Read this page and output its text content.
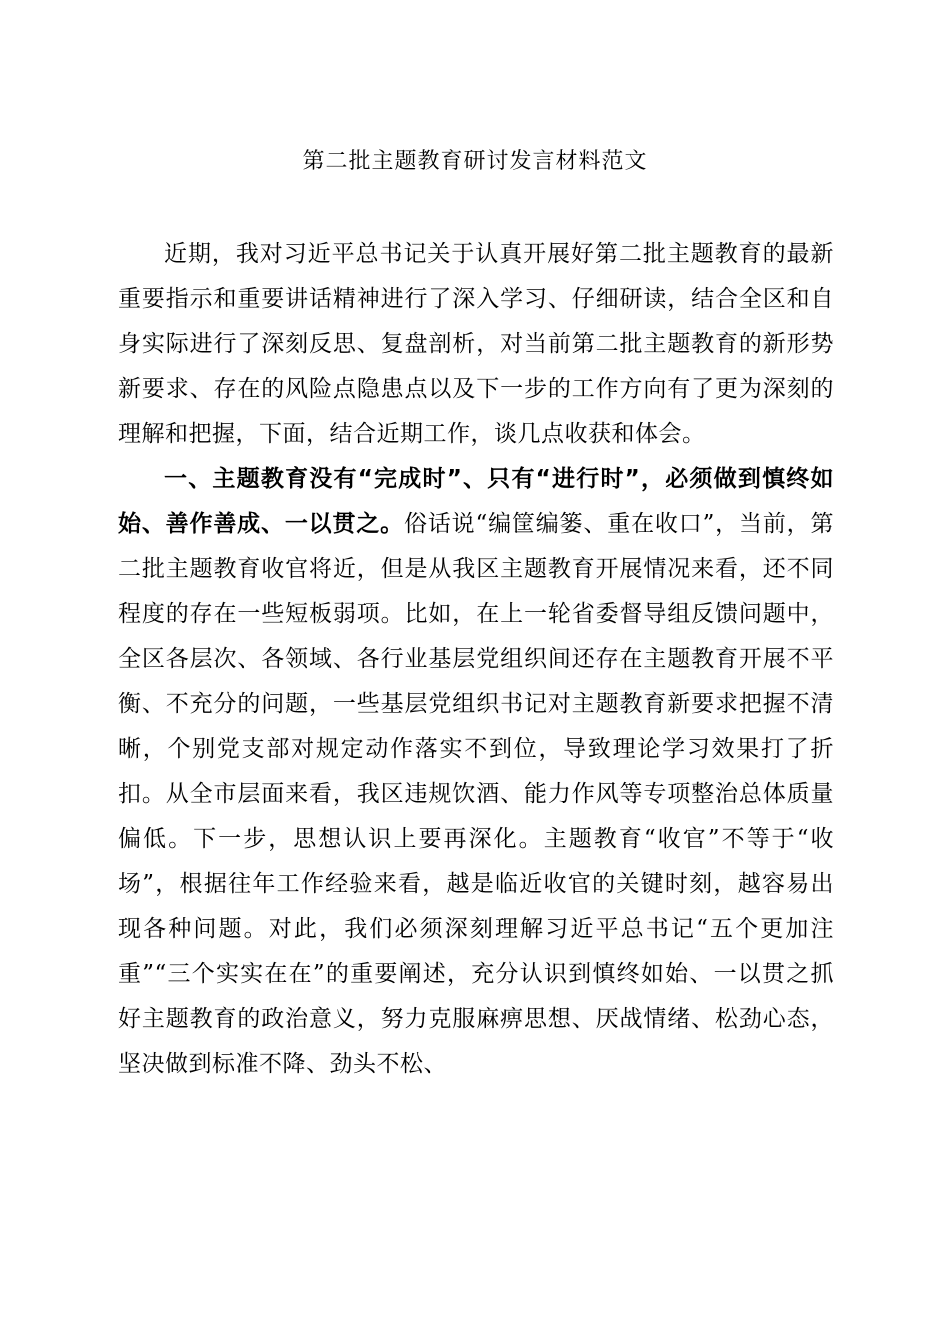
第二批主题教育研讨发言材料范文

近期，我对习近平总书记关于认真开展好第二批主题教育的最新重要指示和重要讲话精神进行了深入学习、仔细研读，结合全区和自身实际进行了深刻反思、复盘剖析，对当前第二批主题教育的新形势新要求、存在的风险点隐患点以及下一步的工作方向有了更为深刻的理解和把握，下面，结合近期工作，谈几点收获和体会。

一、主题教育没有“完成时”、只有“进行时”，必须做到慎终如始、善作善成、一以贯之。俗话说“编筐编篓、重在收口”，当前，第二批主题教育收官将近，但是从我区主题教育开展情况来看，还不同程度的存在一些短板弱项。比如，在上一轮省委督导组反馈问题中，全区各层次、各领域、各行业基层党组织间还存在主题教育开展不平衡、不充分的问题，一些基层党组织书记对主题教育新要求把握不清晰，个别党支部对规定动作落实不到位，导致理论学习效果打了折扣。从全市层面来看，我区违规饮酒、能力作风等专项整治总体质量偏低。下一步，思想认识上要再深化。主题教育“收官”不等于“收场”，根据往年工作经验来看，越是临近收官的关键时刻，越容易出现各种问题。对此，我们必须深刻理解习近平总书记“五个更加注重”“三个实实在在”的重要阐述，充分认识到慎终如始、一以贯之抓好主题教育的政治意义，努力克服麻痹思想、厌战情绪、松劲心态，坚决做到标准不降、劲头不松、
